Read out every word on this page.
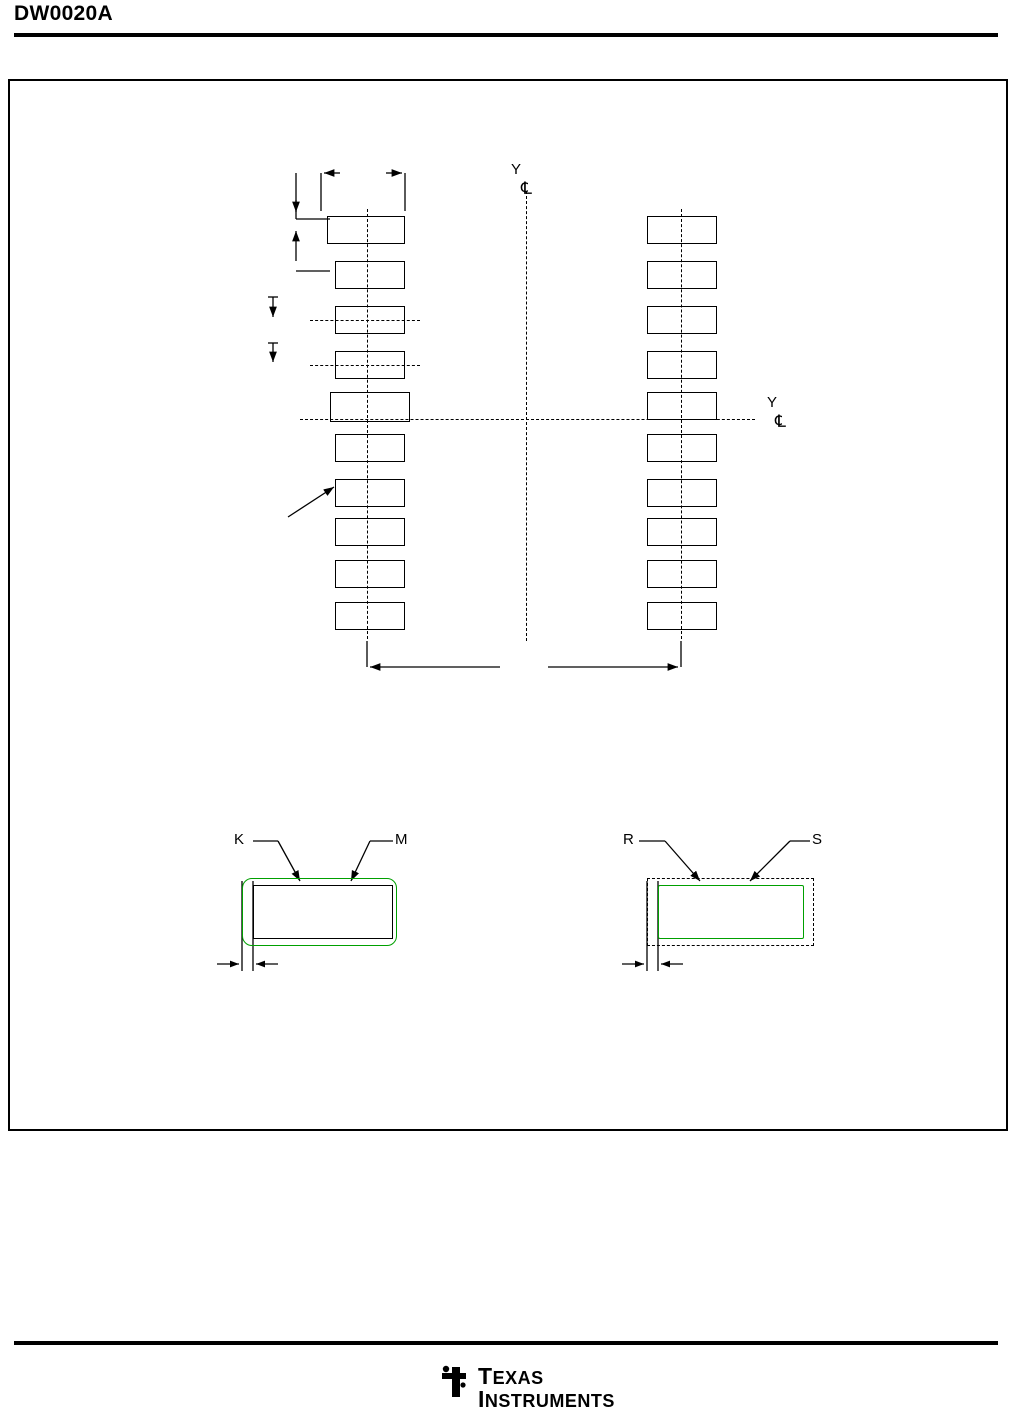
DW0020A
Y
℄
Y
℄
K	M	R	S
TEXAS
INSTRUMENTS
